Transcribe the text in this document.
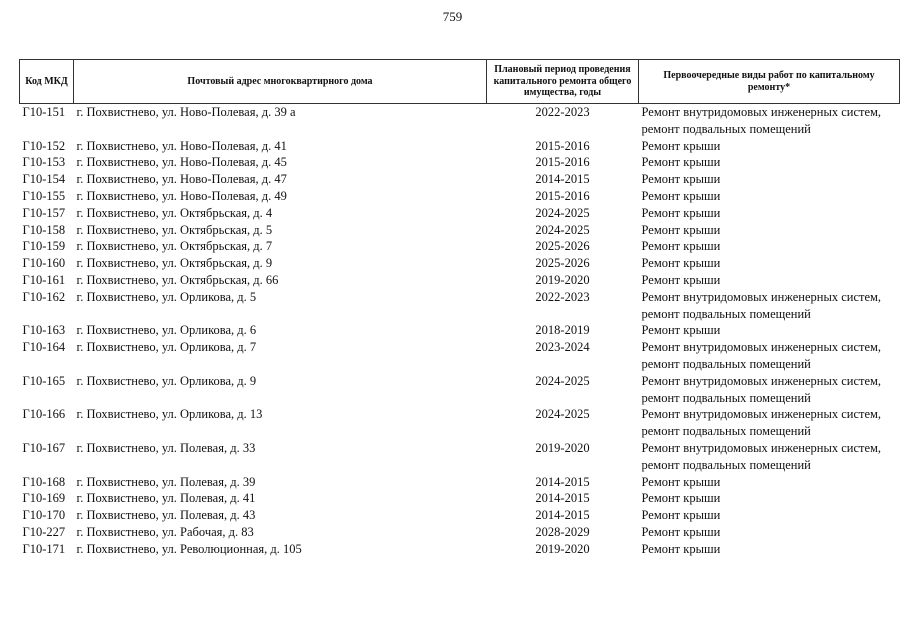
759
Код МКД	Почтовый адрес многоквартирного дома	Плановый период проведения капитального ремонта общего имущества, годы	Первоочередные виды работ по капитальному ремонту*
Г10-151	г. Похвистнево, ул. Ново-Полевая, д. 39 а	2022-2023	Ремонт внутридомовых инженерных систем, ремонт подвальных помещений
Г10-152	г. Похвистнево, ул. Ново-Полевая, д. 41	2015-2016	Ремонт крыши
Г10-153	г. Похвистнево, ул. Ново-Полевая, д. 45	2015-2016	Ремонт крыши
Г10-154	г. Похвистнево, ул. Ново-Полевая, д. 47	2014-2015	Ремонт крыши
Г10-155	г. Похвистнево, ул. Ново-Полевая, д. 49	2015-2016	Ремонт крыши
Г10-157	г. Похвистнево, ул. Октябрьская, д. 4	2024-2025	Ремонт крыши
Г10-158	г. Похвистнево, ул. Октябрьская, д. 5	2024-2025	Ремонт крыши
Г10-159	г. Похвистнево, ул. Октябрьская, д. 7	2025-2026	Ремонт крыши
Г10-160	г. Похвистнево, ул. Октябрьская, д. 9	2025-2026	Ремонт крыши
Г10-161	г. Похвистнево, ул. Октябрьская, д. 66	2019-2020	Ремонт крыши
Г10-162	г. Похвистнево, ул. Орликова, д. 5	2022-2023	Ремонт внутридомовых инженерных систем, ремонт подвальных помещений
Г10-163	г. Похвистнево, ул. Орликова, д. 6	2018-2019	Ремонт крыши
Г10-164	г. Похвистнево, ул. Орликова, д. 7	2023-2024	Ремонт внутридомовых инженерных систем, ремонт подвальных помещений
Г10-165	г. Похвистнево, ул. Орликова, д. 9	2024-2025	Ремонт внутридомовых инженерных систем, ремонт подвальных помещений
Г10-166	г. Похвистнево, ул. Орликова, д. 13	2024-2025	Ремонт внутридомовых инженерных систем, ремонт подвальных помещений
Г10-167	г. Похвистнево, ул. Полевая, д. 33	2019-2020	Ремонт внутридомовых инженерных систем, ремонт подвальных помещений
Г10-168	г. Похвистнево, ул. Полевая, д. 39	2014-2015	Ремонт крыши
Г10-169	г. Похвистнево, ул. Полевая, д. 41	2014-2015	Ремонт крыши
Г10-170	г. Похвистнево, ул. Полевая, д. 43	2014-2015	Ремонт крыши
Г10-227	г. Похвистнево, ул. Рабочая, д. 83	2028-2029	Ремонт крыши
Г10-171	г. Похвистнево, ул. Революционная, д. 105	2019-2020	Ремонт крыши
